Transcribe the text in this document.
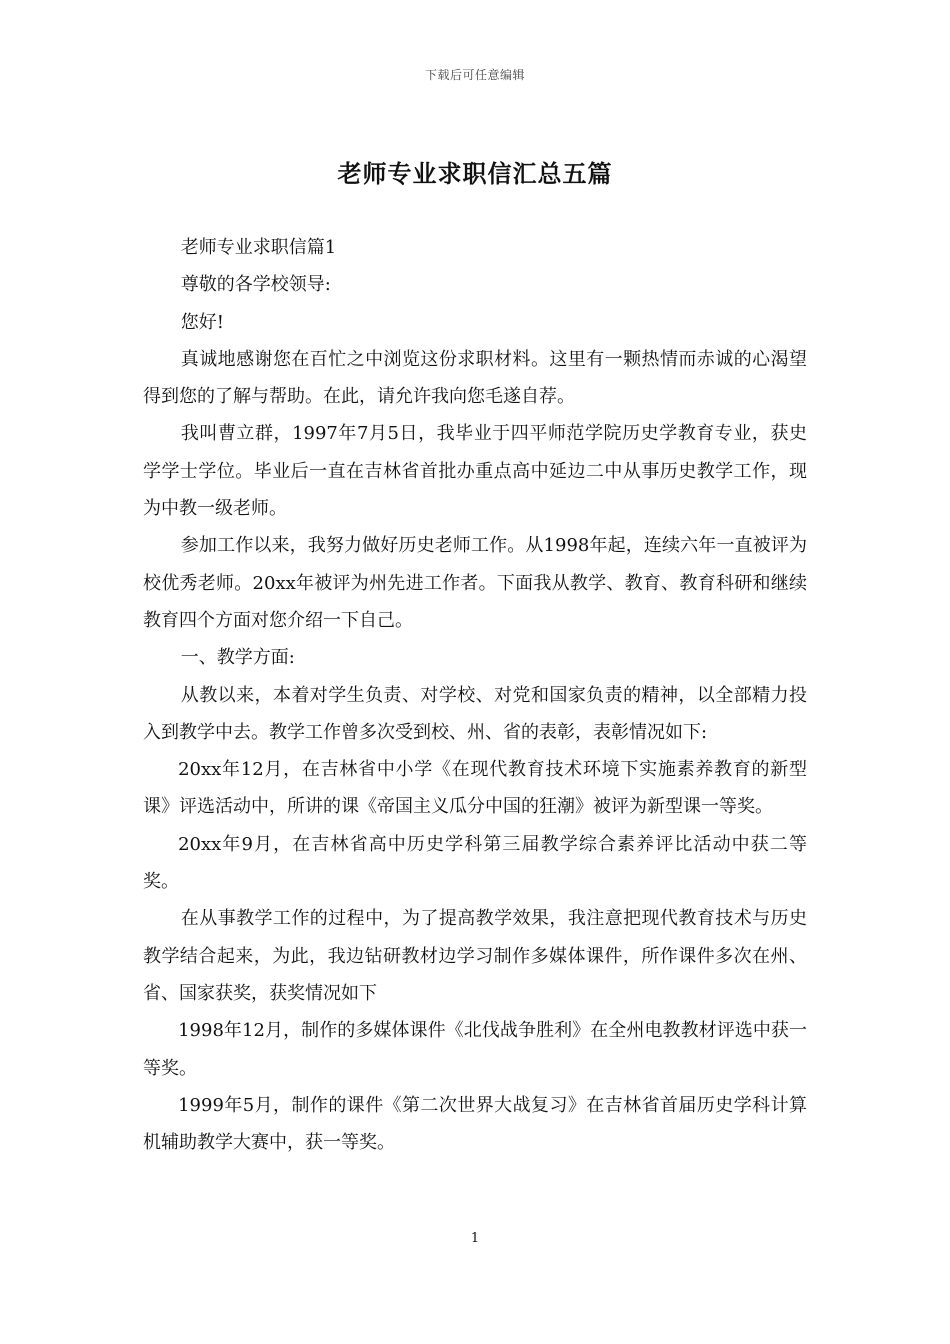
下载后可任意编辑
老师专业求职信汇总五篇

老师专业求职信篇1

尊敬的各学校领导:

您好!

真诚地感谢您在百忙之中浏览这份求职材料。这里有一颗热情而赤诚的心渴望得到您的了解与帮助。在此，请允许我向您毛遂自荐。

我叫曹立群，1997年7月5日，我毕业于四平师范学院历史学教育专业，获史学学士学位。毕业后一直在吉林省首批办重点高中延边二中从事历史教学工作，现为中教一级老师。

参加工作以来，我努力做好历史老师工作。从1998年起，连续六年一直被评为校优秀老师。20xx年被评为州先进工作者。下面我从教学、教育、教育科研和继续教育四个方面对您介绍一下自己。

一、教学方面:

从教以来，本着对学生负责、对学校、对党和国家负责的精神，以全部精力投入到教学中去。教学工作曾多次受到校、州、省的表彰，表彰情况如下:

20xx年12月，在吉林省中小学《在现代教育技术环境下实施素养教育的新型课》评选活动中，所讲的课《帝国主义瓜分中国的狂潮》被评为新型课一等奖。

20xx年9月，在吉林省高中历史学科第三届教学综合素养评比活动中获二等奖。

在从事教学工作的过程中，为了提高教学效果，我注意把现代教育技术与历史教学结合起来，为此，我边钻研教材边学习制作多媒体课件，所作课件多次在州、省、国家获奖，获奖情况如下

1998年12月，制作的多媒体课件《北伐战争胜利》在全州电教教材评选中获一等奖。

1999年5月，制作的课件《第二次世界大战复习》在吉林省首届历史学科计算机辅助教学大赛中，获一等奖。

1
